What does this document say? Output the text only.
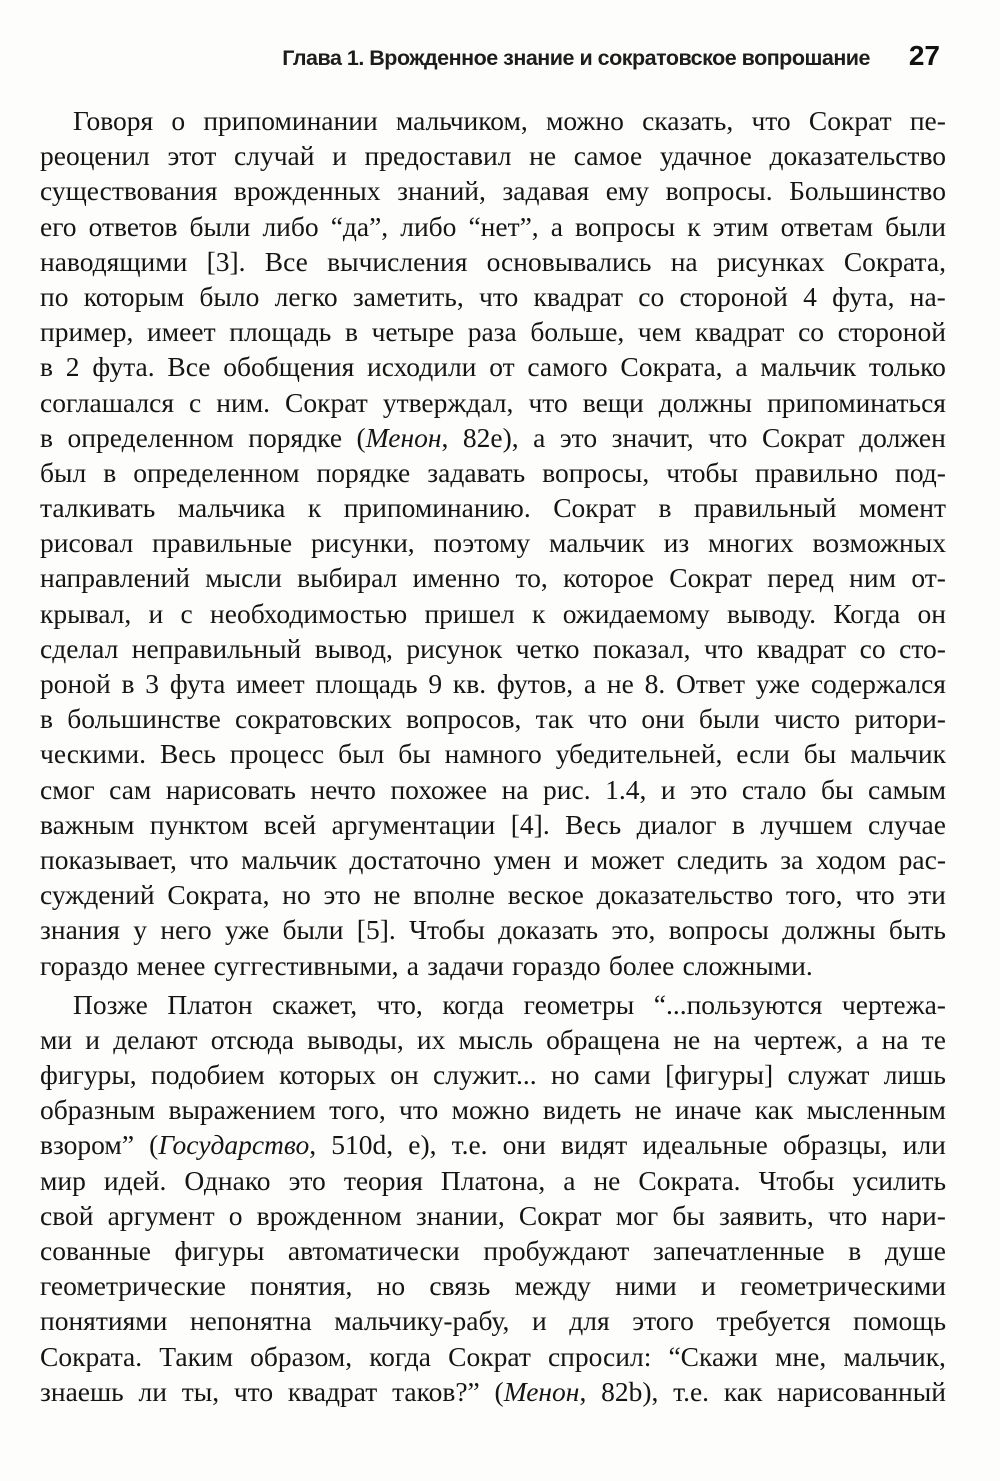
Глава 1. Врожденное знание и сократовское вопрошание 27
Говоря о припоминании мальчиком, можно сказать, что Сократ пе-
реоценил этот случай и предоставил не самое удачное доказательство
существования врожденных знаний, задавая ему вопросы. Большинство
его ответов были либо “да”, либо “нет”, а вопросы к этим ответам были
наводящими [3]. Все вычисления основывались на рисунках Сократа,
по которым было легко заметить, что квадрат со стороной 4 фута, на-
пример, имеет площадь в четыре раза больше, чем квадрат со стороной
в 2 фута. Все обобщения исходили от самого Сократа, а мальчик только
соглашался с ним. Сократ утверждал, что вещи должны припоминаться
в определенном порядке (Менон, 82e), а это значит, что Сократ должен
был в определенном порядке задавать вопросы, чтобы правильно под-
талкивать мальчика к припоминанию. Сократ в правильный момент
рисовал правильные рисунки, поэтому мальчик из многих возможных
направлений мысли выбирал именно то, которое Сократ перед ним от-
крывал, и с необходимостью пришел к ожидаемому выводу. Когда он
сделал неправильный вывод, рисунок четко показал, что квадрат со сто-
роной в 3 фута имеет площадь 9 кв. футов, а не 8. Ответ уже содержался
в большинстве сократовских вопросов, так что они были чисто ритори-
ческими. Весь процесс был бы намного убедительней, если бы мальчик
смог сам нарисовать нечто похожее на рис. 1.4, и это стало бы самым
важным пунктом всей аргументации [4]. Весь диалог в лучшем случае
показывает, что мальчик достаточно умен и может следить за ходом рас-
суждений Сократа, но это не вполне веское доказательство того, что эти
знания у него уже были [5]. Чтобы доказать это, вопросы должны быть
гораздо менее суггестивными, а задачи гораздо более сложными.
Позже Платон скажет, что, когда геометры “...пользуются чертежа-
ми и делают отсюда выводы, их мысль обращена не на чертеж, а на те
фигуры, подобием которых он служит... но сами [фигуры] служат лишь
образным выражением того, что можно видеть не иначе как мысленным
взором” (Государство, 510d, e), т.е. они видят идеальные образцы, или
мир идей. Однако это теория Платона, а не Сократа. Чтобы усилить
свой аргумент о врожденном знании, Сократ мог бы заявить, что нари-
сованные фигуры автоматически пробуждают запечатленные в душе
геометрические понятия, но связь между ними и геометрическими
понятиями непонятна мальчику-рабу, и для этого требуется помощь
Сократа. Таким образом, когда Сократ спросил: “Скажи мне, мальчик,
знаешь ли ты, что квадрат таков?” (Менон, 82b), т.е. как нарисованный
